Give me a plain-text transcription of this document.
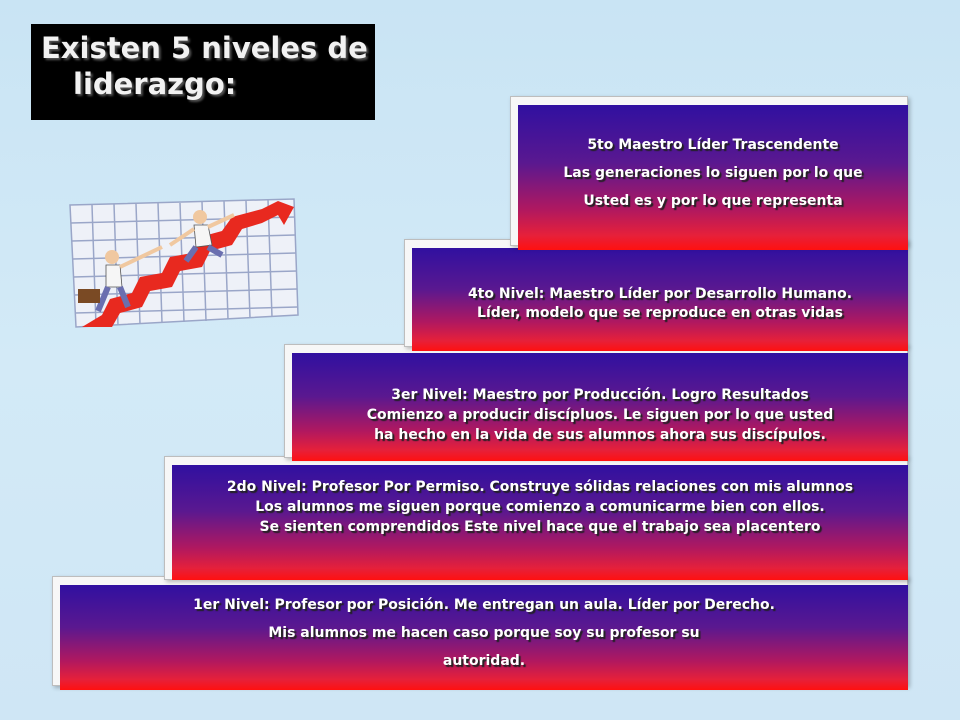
Existen 5 niveles de
liderazgo:
1er Nivel: Profesor por Posición. Me entregan un aula. Líder por Derecho.
Mis alumnos me hacen caso porque soy su profesor su
autoridad.
2do Nivel: Profesor Por Permiso. Construye sólidas relaciones con mis alumnos
Los alumnos me siguen porque comienzo a comunicarme bien con ellos.
Se sienten comprendidos Este nivel hace que el trabajo sea placentero
3er Nivel: Maestro por Producción. Logro Resultados
Comienzo a producir discípluos. Le siguen por lo que usted
ha hecho en la vida de sus alumnos ahora sus discípulos.
4to Nivel: Maestro Líder por Desarrollo Humano.
Líder, modelo que se reproduce en otras vidas
5to Maestro Líder Trascendente
Las generaciones lo siguen por lo que
Usted es y por lo que representa
